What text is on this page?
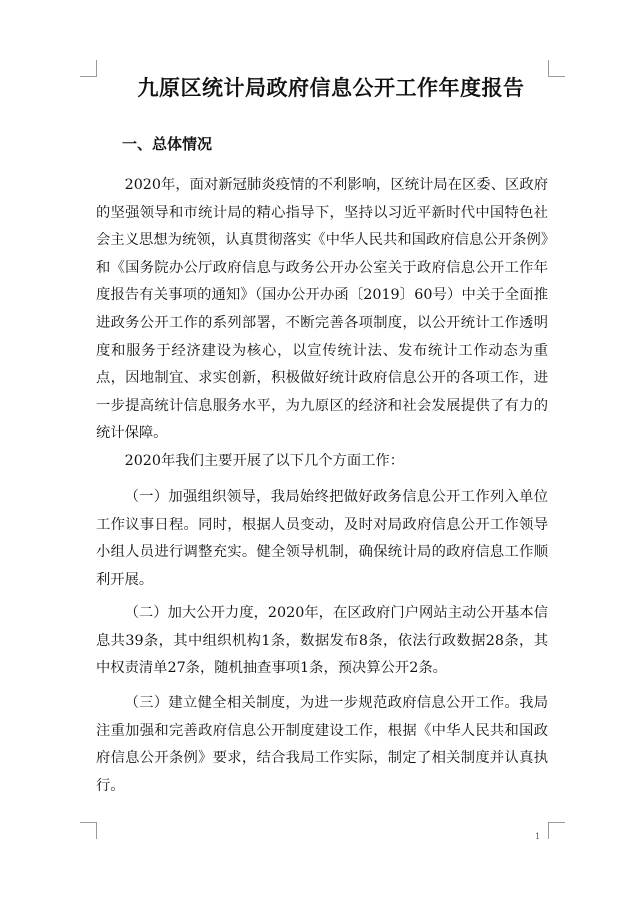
九原区统计局政府信息公开工作年度报告
一、总体情况

2020年，面对新冠肺炎疫情的不利影响，区统计局在区委、区政府的坚强领导和市统计局的精心指导下，坚持以习近平新时代中国特色社会主义思想为统领，认真贯彻落实《中华人民共和国政府信息公开条例》和《国务院办公厅政府信息与政务公开办公室关于政府信息公开工作年度报告有关事项的通知》（国办公开办函〔2019〕60号）中关于全面推进政务公开工作的系列部署，不断完善各项制度，以公开统计工作透明度和服务于经济建设为核心，以宣传统计法、发布统计工作动态为重点，因地制宜、求实创新，积极做好统计政府信息公开的各项工作，进一步提高统计信息服务水平，为九原区的经济和社会发展提供了有力的统计保障。

2020年我们主要开展了以下几个方面工作：

（一）加强组织领导，我局始终把做好政务信息公开工作列入单位工作议事日程。同时，根据人员变动，及时对局政府信息公开工作领导小组人员进行调整充实。健全领导机制，确保统计局的政府信息工作顺利开展。

（二）加大公开力度，2020年，在区政府门户网站主动公开基本信息共39条，其中组织机构1条，数据发布8条，依法行政数据28条，其中权责清单27条，随机抽查事项1条，预决算公开2条。

（三）建立健全相关制度，为进一步规范政府信息公开工作。我局注重加强和完善政府信息公开制度建设工作，根据《中华人民共和国政府信息公开条例》要求，结合我局工作实际，制定了相关制度并认真执行。

1
